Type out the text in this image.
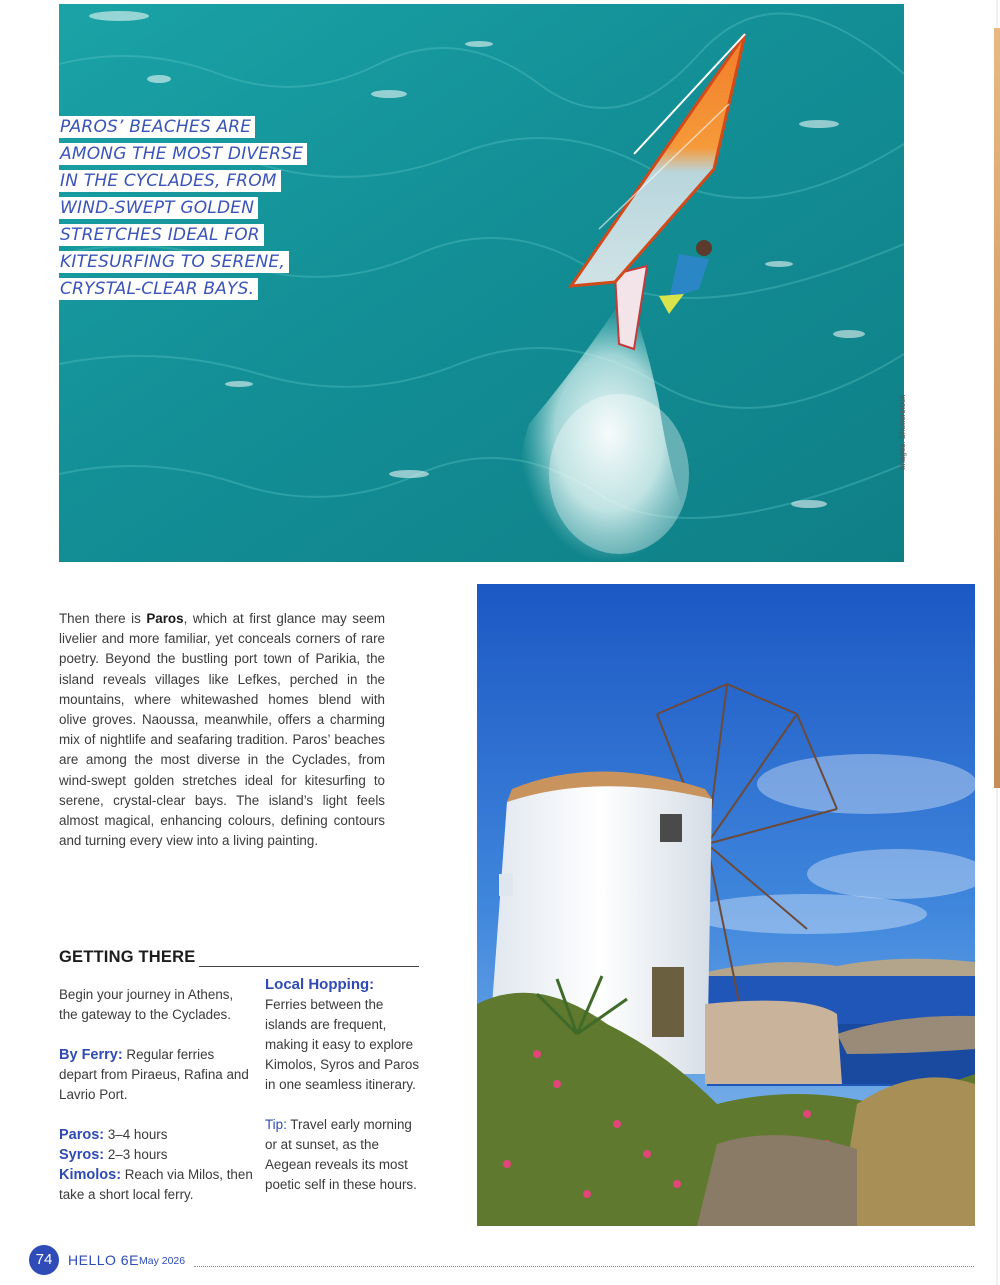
PAROS’ BEACHES ARE
AMONG THE MOST DIVERSE
IN THE CYCLADES, FROM
WIND-SWEPT GOLDEN
STRETCHES IDEAL FOR
KITESURFING TO SERENE,
CRYSTAL-CLEAR BAYS.
Images: Shutterstock

Then there is Paros, which at first glance may seem livelier and more familiar, yet conceals corners of rare poetry. Beyond the bustling port town of Parikia, the island reveals villages like Lefkes, perched in the mountains, where whitewashed homes blend with olive groves. Naoussa, meanwhile, offers a charming mix of nightlife and seafaring tradition. Paros’ beaches are among the most diverse in the Cyclades, from wind-swept golden stretches ideal for kitesurfing to serene, crystal-clear bays. The island’s light feels almost magical, enhancing colours, defining contours and turning every view into a living painting.

GETTING THERE

Begin your journey in Athens, the gateway to the Cyclades.

By Ferry: Regular ferries depart from Piraeus, Rafina and Lavrio Port.

Paros: 3–4 hours

Syros: 2–3 hours

Kimolos: Reach via Milos, then take a short local ferry.

Local Hopping:

Ferries between the islands are frequent, making it easy to explore Kimolos, Syros and Paros in one seamless itinerary.

Tip: Travel early morning or at sunset, as the Aegean reveals its most poetic self in these hours.

74	HELLO 6E May 2026
